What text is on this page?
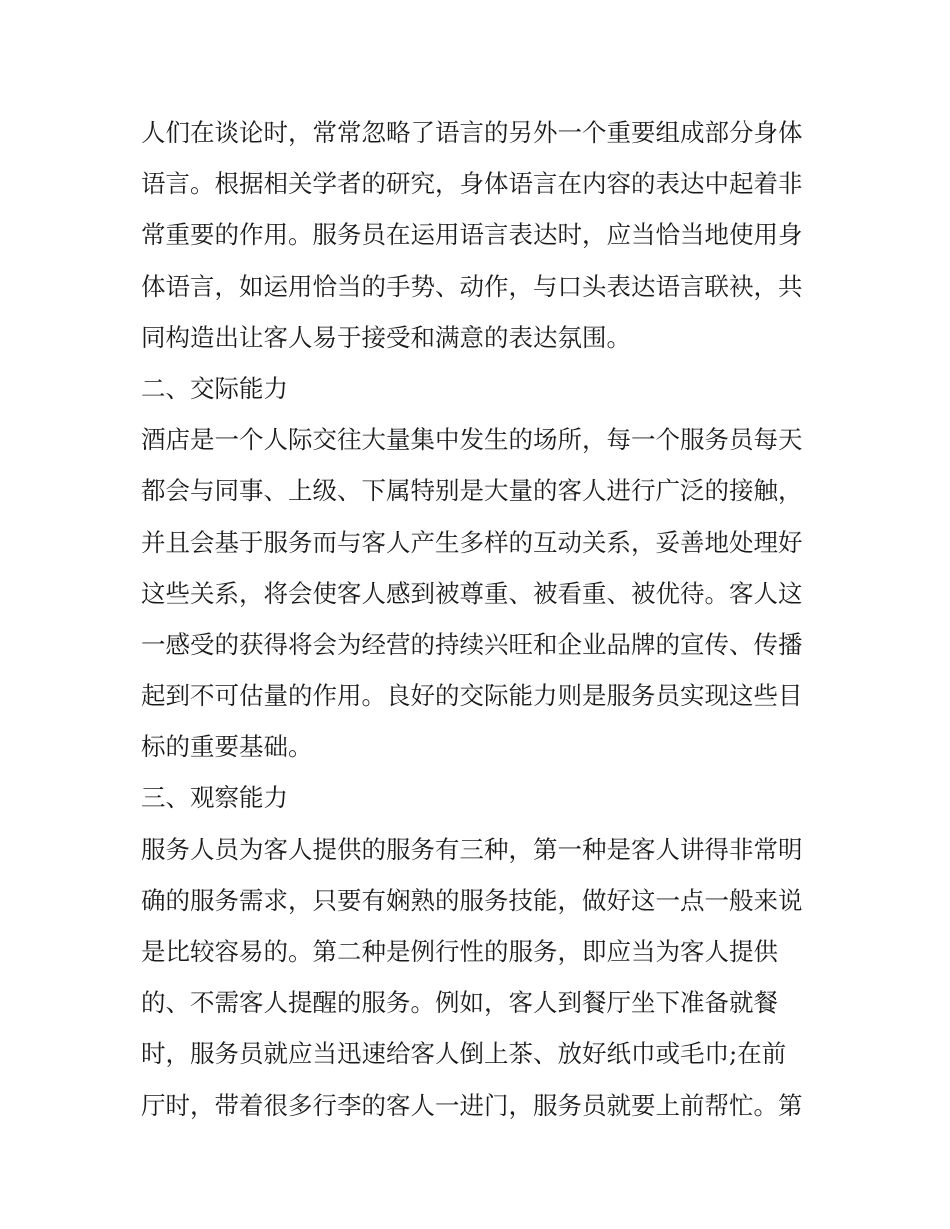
人们在谈论时，常常忽略了语言的另外一个重要组成部分身体
语言。根据相关学者的研究，身体语言在内容的表达中起着非
常重要的作用。服务员在运用语言表达时，应当恰当地使用身
体语言，如运用恰当的手势、动作，与口头表达语言联袂，共
同构造出让客人易于接受和满意的表达氛围。
二、交际能力
酒店是一个人际交往大量集中发生的场所，每一个服务员每天
都会与同事、上级、下属特别是大量的客人进行广泛的接触，
并且会基于服务而与客人产生多样的互动关系，妥善地处理好
这些关系，将会使客人感到被尊重、被看重、被优待。客人这
一感受的获得将会为经营的持续兴旺和企业品牌的宣传、传播
起到不可估量的作用。良好的交际能力则是服务员实现这些目
标的重要基础。
三、观察能力
服务人员为客人提供的服务有三种，第一种是客人讲得非常明
确的服务需求，只要有娴熟的服务技能，做好这一点一般来说
是比较容易的。第二种是例行性的服务，即应当为客人提供
的、不需客人提醒的服务。例如，客人到餐厅坐下准备就餐
时，服务员就应当迅速给客人倒上茶、放好纸巾或毛巾;在前
厅时，带着很多行李的客人一进门，服务员就要上前帮忙。第
